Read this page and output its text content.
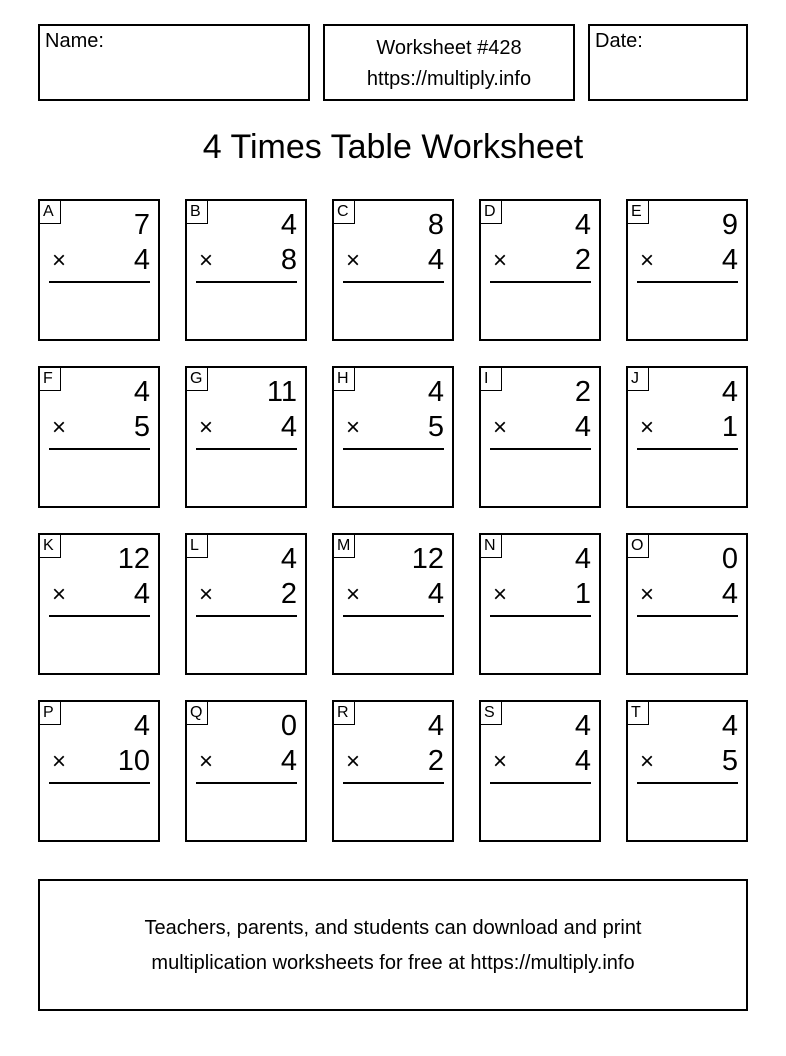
Name:	Worksheet #428
https://multiply.info
Date:
4 Times Table Worksheet
A	7
× 4
B	4
× 8
C	8
× 4
D	4
× 2
E	9
× 4
F	4
× 5
G 11
× 4
H	4
× 5
I	2
× 4
J	4
× 1
K 12
× 4
L	4
× 2
M 12
× 4
N	4
× 1
O	0
× 4
P	4
× 10
Q	0
× 4
R	4
× 2
S	4
× 4
T	4
× 5
Teachers, parents, and students can download and print
multiplication worksheets for free at https://multiply.info
